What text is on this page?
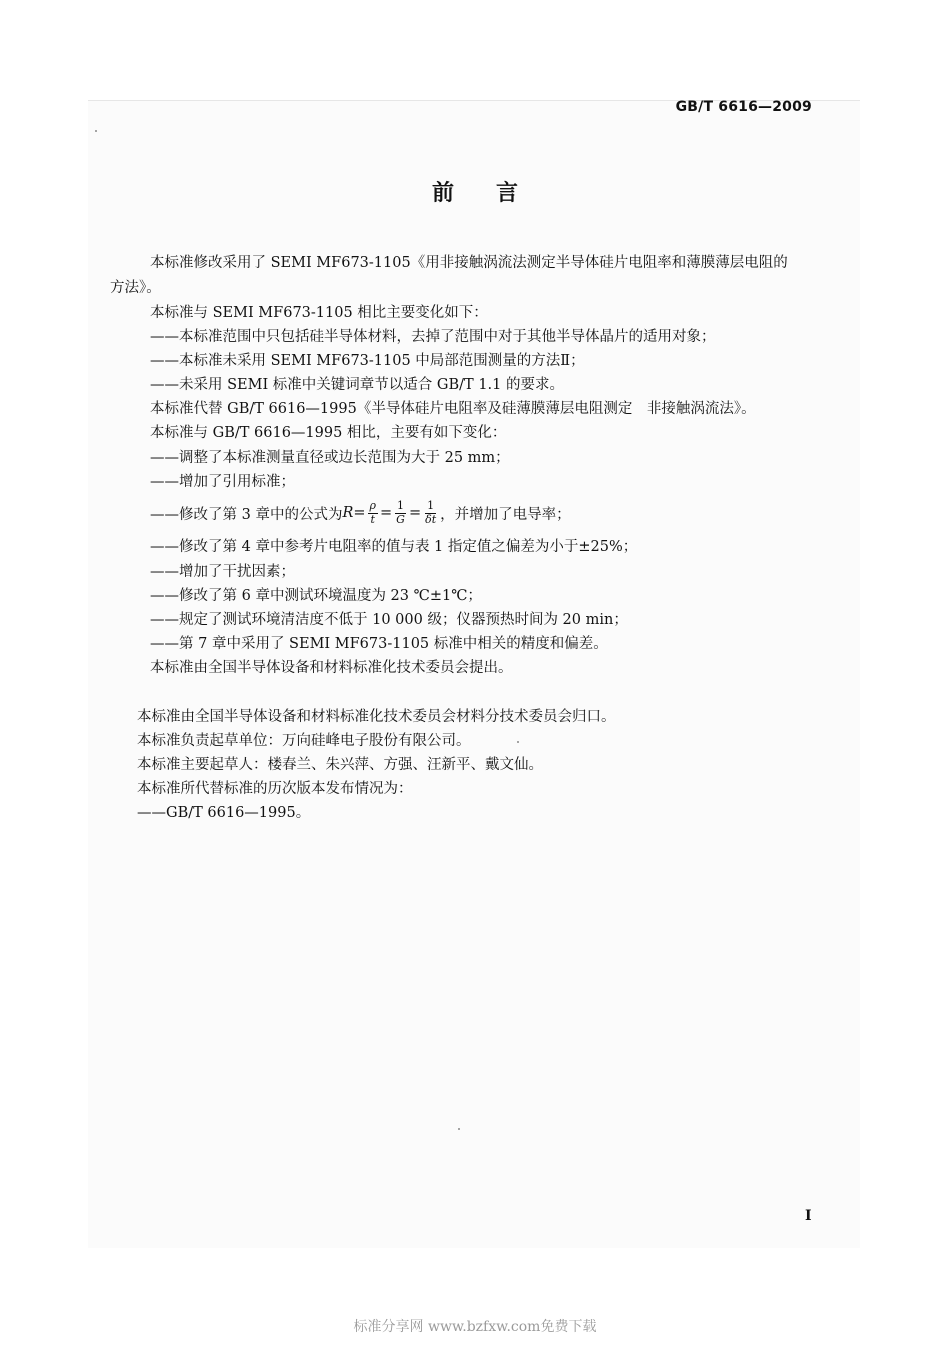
GB/T 6616—2009
前言
本标准修改采用了 SEMI MF673-1105《用非接触涡流法测定半导体硅片电阻率和薄膜薄层电阻的
方法》。
本标准与 SEMI MF673-1105 相比主要变化如下：
——本标准范围中只包括硅半导体材料，去掉了范围中对于其他半导体晶片的适用对象；
——本标准未采用 SEMI MF673-1105 中局部范围测量的方法Ⅱ；
——未采用 SEMI 标准中关键词章节以适合 GB/T 1.1 的要求。
本标准代替 GB/T 6616—1995《半导体硅片电阻率及硅薄膜薄层电阻测定　非接触涡流法》。
本标准与 GB/T 6616—1995 相比，主要有如下变化：
——调整了本标准测量直径或边长范围为大于 25 mm；
——增加了引用标准；
——修改了第 3 章中的公式为 $R = \frac{\rho}{t} = \frac{1}{G} = \frac{1}{\delta t}$ ，并增加了电导率；
——修改了第 4 章中参考片电阻率的值与表 1 指定值之偏差为小于±25%；
——增加了干扰因素；
——修改了第 6 章中测试环境温度为 23 ℃±1℃；
——规定了测试环境清洁度不低于 10 000 级；仪器预热时间为 20 min；
——第 7 章中采用了 SEMI MF673-1105 标准中相关的精度和偏差。
本标准由全国半导体设备和材料标准化技术委员会提出。
本标准由全国半导体设备和材料标准化技术委员会材料分技术委员会归口。
本标准负责起草单位：万向硅峰电子股份有限公司。
本标准主要起草人：楼春兰、朱兴萍、方强、汪新平、戴文仙。
本标准所代替标准的历次版本发布情况为：
——GB/T 6616—1995。
I
标准分享网 www.bzfxw.com免费下载
